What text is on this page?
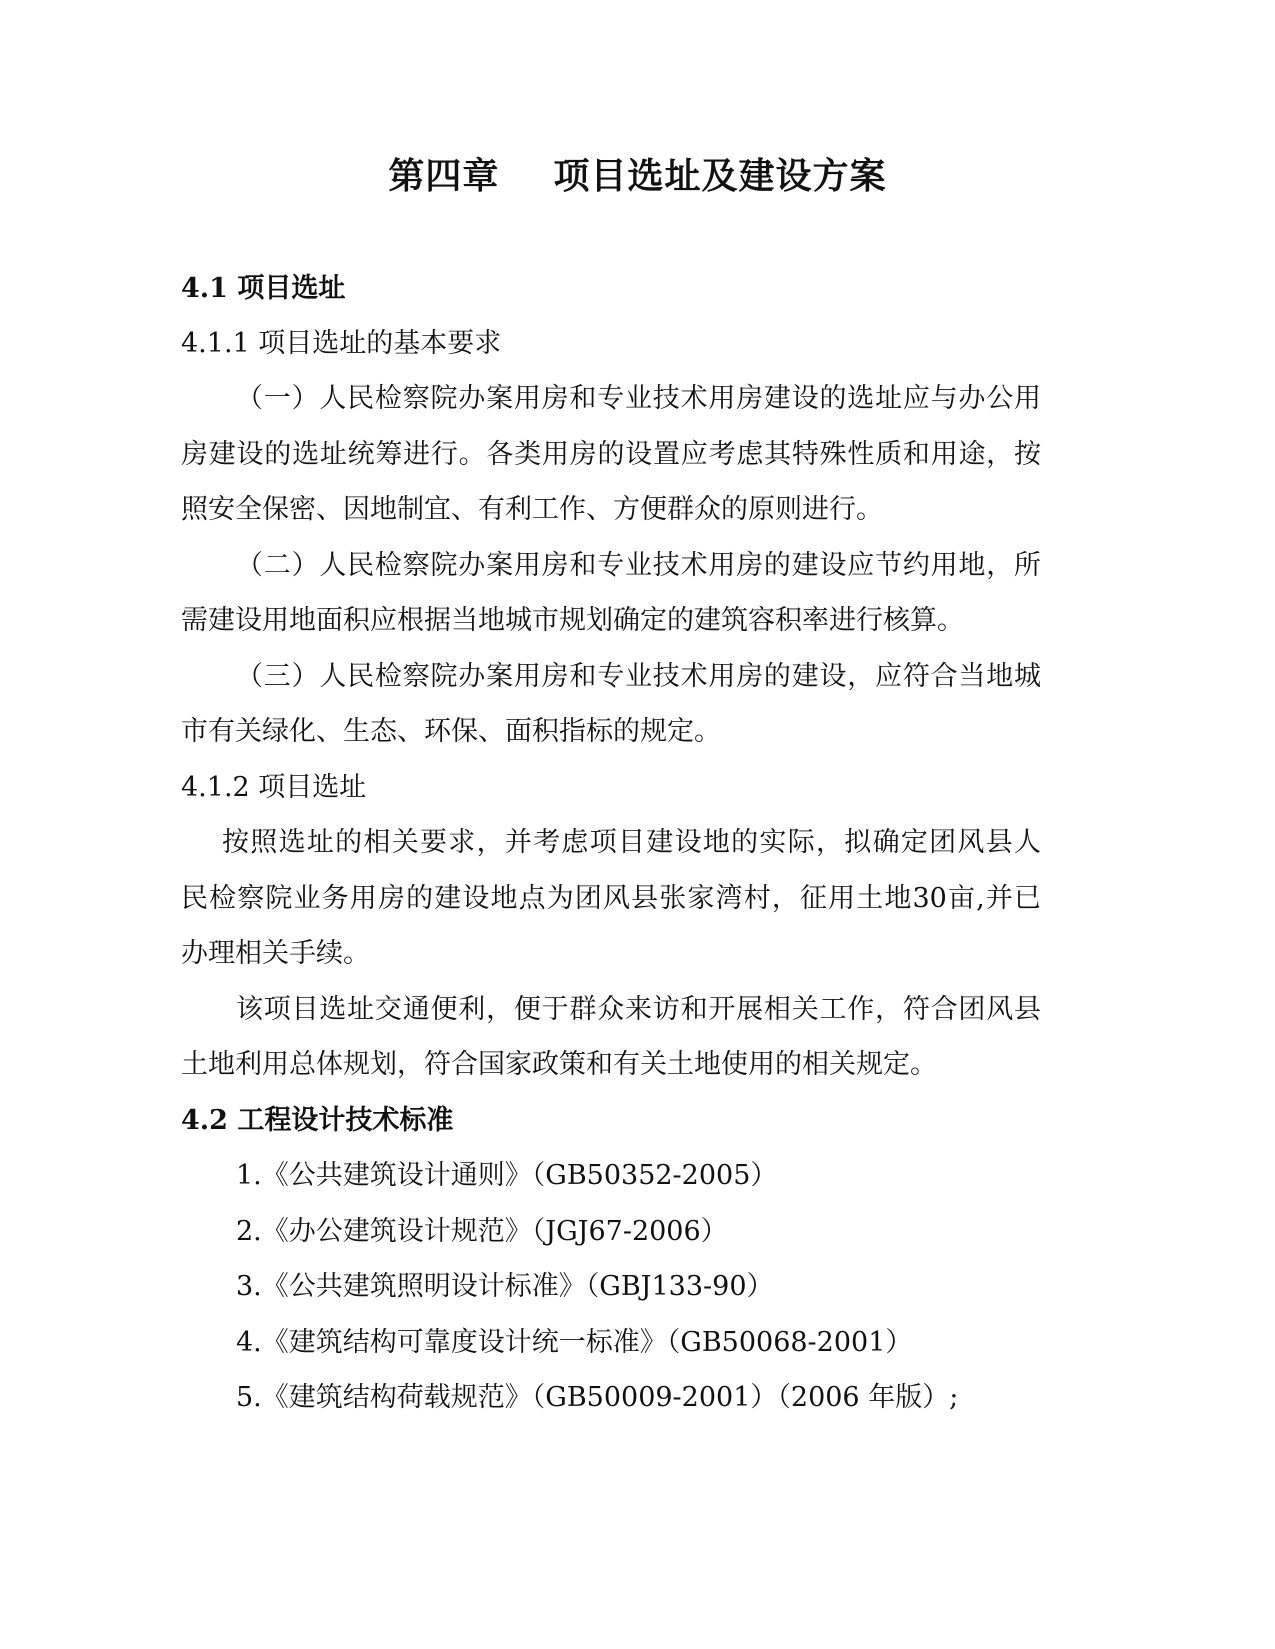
第四章    项目选址及建设方案
4.1 项目选址
4.1.1 项目选址的基本要求
（一）人民检察院办案用房和专业技术用房建设的选址应与办公用
房建设的选址统筹进行。各类用房的设置应考虑其特殊性质和用途，按
照安全保密、因地制宜、有利工作、方便群众的原则进行。
（二）人民检察院办案用房和专业技术用房的建设应节约用地，所
需建设用地面积应根据当地城市规划确定的建筑容积率进行核算。
（三）人民检察院办案用房和专业技术用房的建设，应符合当地城
市有关绿化、生态、环保、面积指标的规定。
4.1.2 项目选址
按照选址的相关要求，并考虑项目建设地的实际，拟确定团风县人
民检察院业务用房的建设地点为团风县张家湾村，征用土地30亩,并已
办理相关手续。
该项目选址交通便利，便于群众来访和开展相关工作，符合团风县
土地利用总体规划，符合国家政策和有关土地使用的相关规定。
4.2 工程设计技术标准
1.《公共建筑设计通则》（GB50352-2005）
2.《办公建筑设计规范》（JGJ67-2006）
3.《公共建筑照明设计标准》（GBJ133-90）
4.《建筑结构可靠度设计统一标准》（GB50068-2001）
5.《建筑结构荷载规范》（GB50009-2001）（2006 年版）;
